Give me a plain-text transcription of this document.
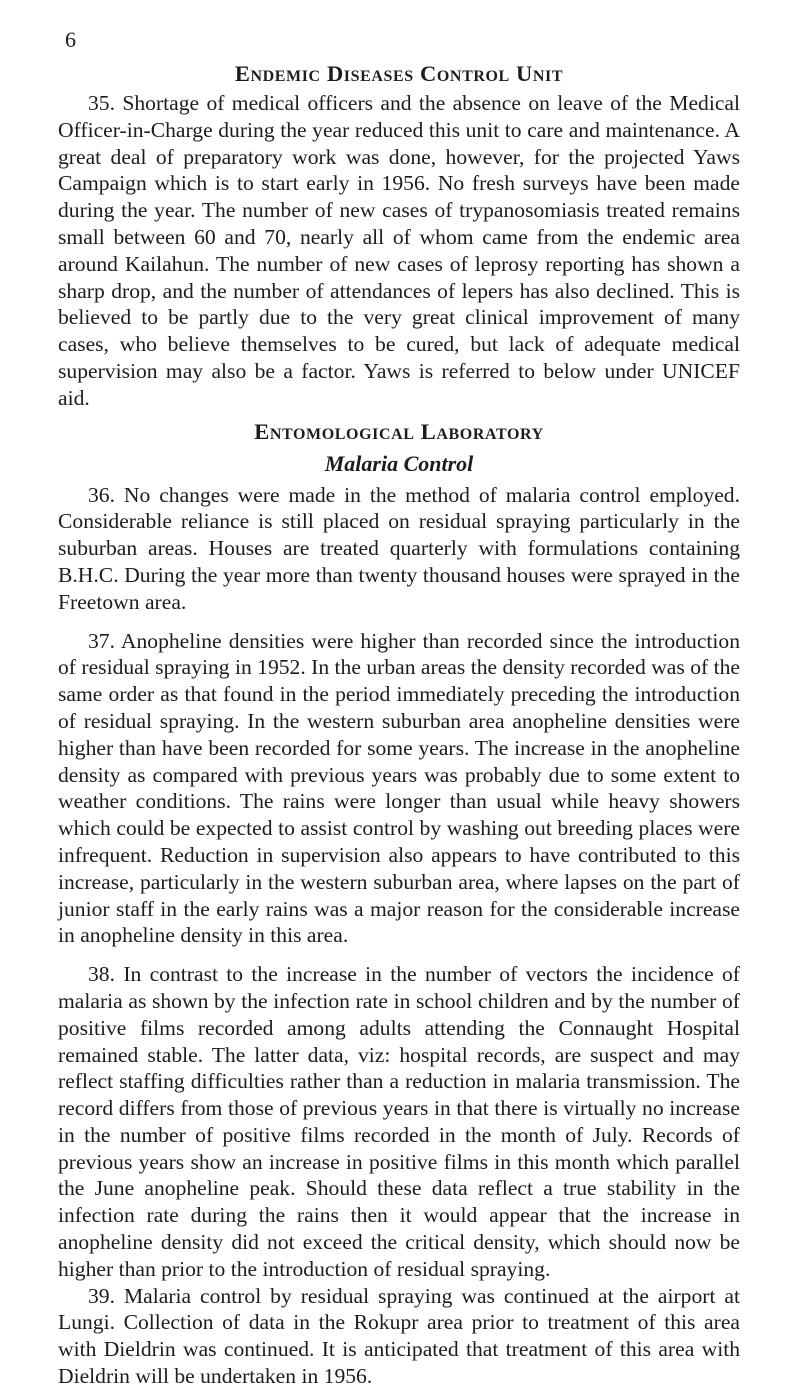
6
Endemic Diseases Control Unit

35. Shortage of medical officers and the absence on leave of the Medical Officer-in-Charge during the year reduced this unit to care and maintenance. A great deal of preparatory work was done, however, for the projected Yaws Campaign which is to start early in 1956. No fresh surveys have been made during the year. The number of new cases of trypanosomiasis treated remains small between 60 and 70, nearly all of whom came from the endemic area around Kailahun. The number of new cases of leprosy reporting has shown a sharp drop, and the number of attendances of lepers has also declined. This is believed to be partly due to the very great clinical improvement of many cases, who believe themselves to be cured, but lack of adequate medical supervision may also be a factor. Yaws is referred to below under UNICEF aid.

Entomological Laboratory
Malaria Control

36. No changes were made in the method of malaria control employed. Considerable reliance is still placed on residual spraying particularly in the suburban areas. Houses are treated quarterly with formulations containing B.H.C. During the year more than twenty thousand houses were sprayed in the Freetown area.

37. Anopheline densities were higher than recorded since the introduction of residual spraying in 1952. In the urban areas the density recorded was of the same order as that found in the period immediately preceding the introduction of residual spraying. In the western suburban area anopheline densities were higher than have been recorded for some years. The increase in the anopheline density as compared with previous years was probably due to some extent to weather conditions. The rains were longer than usual while heavy showers which could be expected to assist control by washing out breeding places were infrequent. Reduction in supervision also appears to have contributed to this increase, particularly in the western suburban area, where lapses on the part of junior staff in the early rains was a major reason for the considerable increase in anopheline density in this area.

38. In contrast to the increase in the number of vectors the incidence of malaria as shown by the infection rate in school children and by the number of positive films recorded among adults attending the Connaught Hospital remained stable. The latter data, viz: hospital records, are suspect and may reflect staffing difficulties rather than a reduction in malaria transmission. The record differs from those of previous years in that there is virtually no increase in the number of positive films recorded in the month of July. Records of previous years show an increase in positive films in this month which parallel the June anopheline peak. Should these data reflect a true stability in the infection rate during the rains then it would appear that the increase in anopheline density did not exceed the critical density, which should now be higher than prior to the introduction of residual spraying.

39. Malaria control by residual spraying was continued at the airport at Lungi. Collection of data in the Rokupr area prior to treatment of this area with Dieldrin was continued. It is anticipated that treatment of this area with Dieldrin will be undertaken in 1956.
